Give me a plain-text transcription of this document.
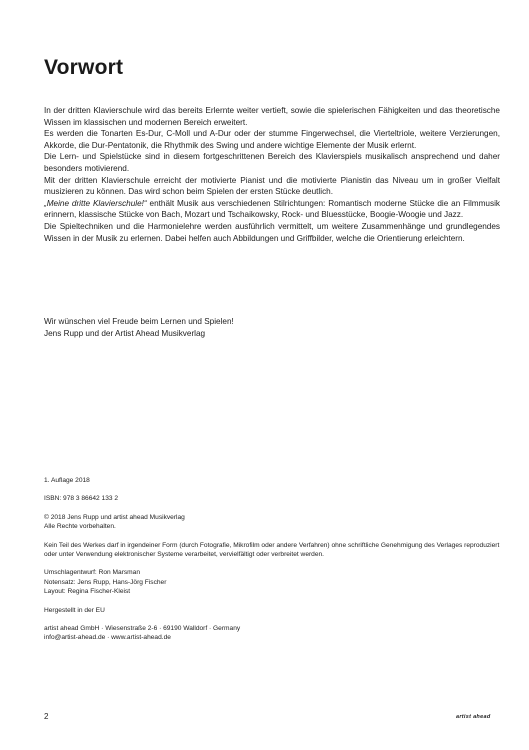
Vorwort

In der dritten Klavierschule wird das bereits Erlernte weiter vertieft, sowie die spielerischen Fähigkeiten und das theoretische Wissen im klassischen und modernen Bereich erweitert.

Es werden die Tonarten Es-Dur, C-Moll und A-Dur oder der stumme Fingerwechsel, die Vierteltriole, weitere Verzierungen, Akkorde, die Dur-Pentatonik, die Rhythmik des Swing und andere wichtige Elemente der Musik erlernt.

Die Lern- und Spielstücke sind in diesem fortgeschrittenen Bereich des Klavierspiels musikalisch ansprechend und daher besonders motivierend.

Mit der dritten Klavierschule erreicht der motivierte Pianist und die motivierte Pianistin das Niveau um in großer Vielfalt musizieren zu können. Das wird schon beim Spielen der ersten Stücke deutlich.

„Meine dritte Klavierschule!“ enthält Musik aus verschiedenen Stilrichtungen: Romantisch moderne Stücke die an Filmmusik erinnern, klassische Stücke von Bach, Mozart und Tschaikowsky, Rock- und Bluesstücke, Boogie-Woogie und Jazz.

Die Spieltechniken und die Harmonielehre werden ausführlich vermittelt, um weitere Zusammenhänge und grundlegendes Wissen in der Musik zu erlernen. Dabei helfen auch Abbildungen und Griffbilder, welche die Orientierung erleichtern.

Wir wünschen viel Freude beim Lernen und Spielen!

Jens Rupp und der Artist Ahead Musikverlag

1. Auflage 2018

ISBN: 978 3 86642 133 2

© 2018 Jens Rupp und artist ahead Musikverlag

Alle Rechte vorbehalten.

Kein Teil des Werkes darf in irgendeiner Form (durch Fotografie, Mikrofilm oder andere Verfahren) ohne schriftliche Genehmigung des Verlages reproduziert oder unter Verwendung elektronischer Systeme verarbeitet, vervielfältigt oder verbreitet werden.

Umschlagentwurf: Ron Marsman

Notensatz: Jens Rupp, Hans-Jörg Fischer

Layout: Regina Fischer-Kleist

Hergestellt in der EU

artist ahead GmbH · Wiesenstraße 2-6 · 69190 Walldorf · Germany

info@artist-ahead.de · www.artist-ahead.de

2	artist ahead
